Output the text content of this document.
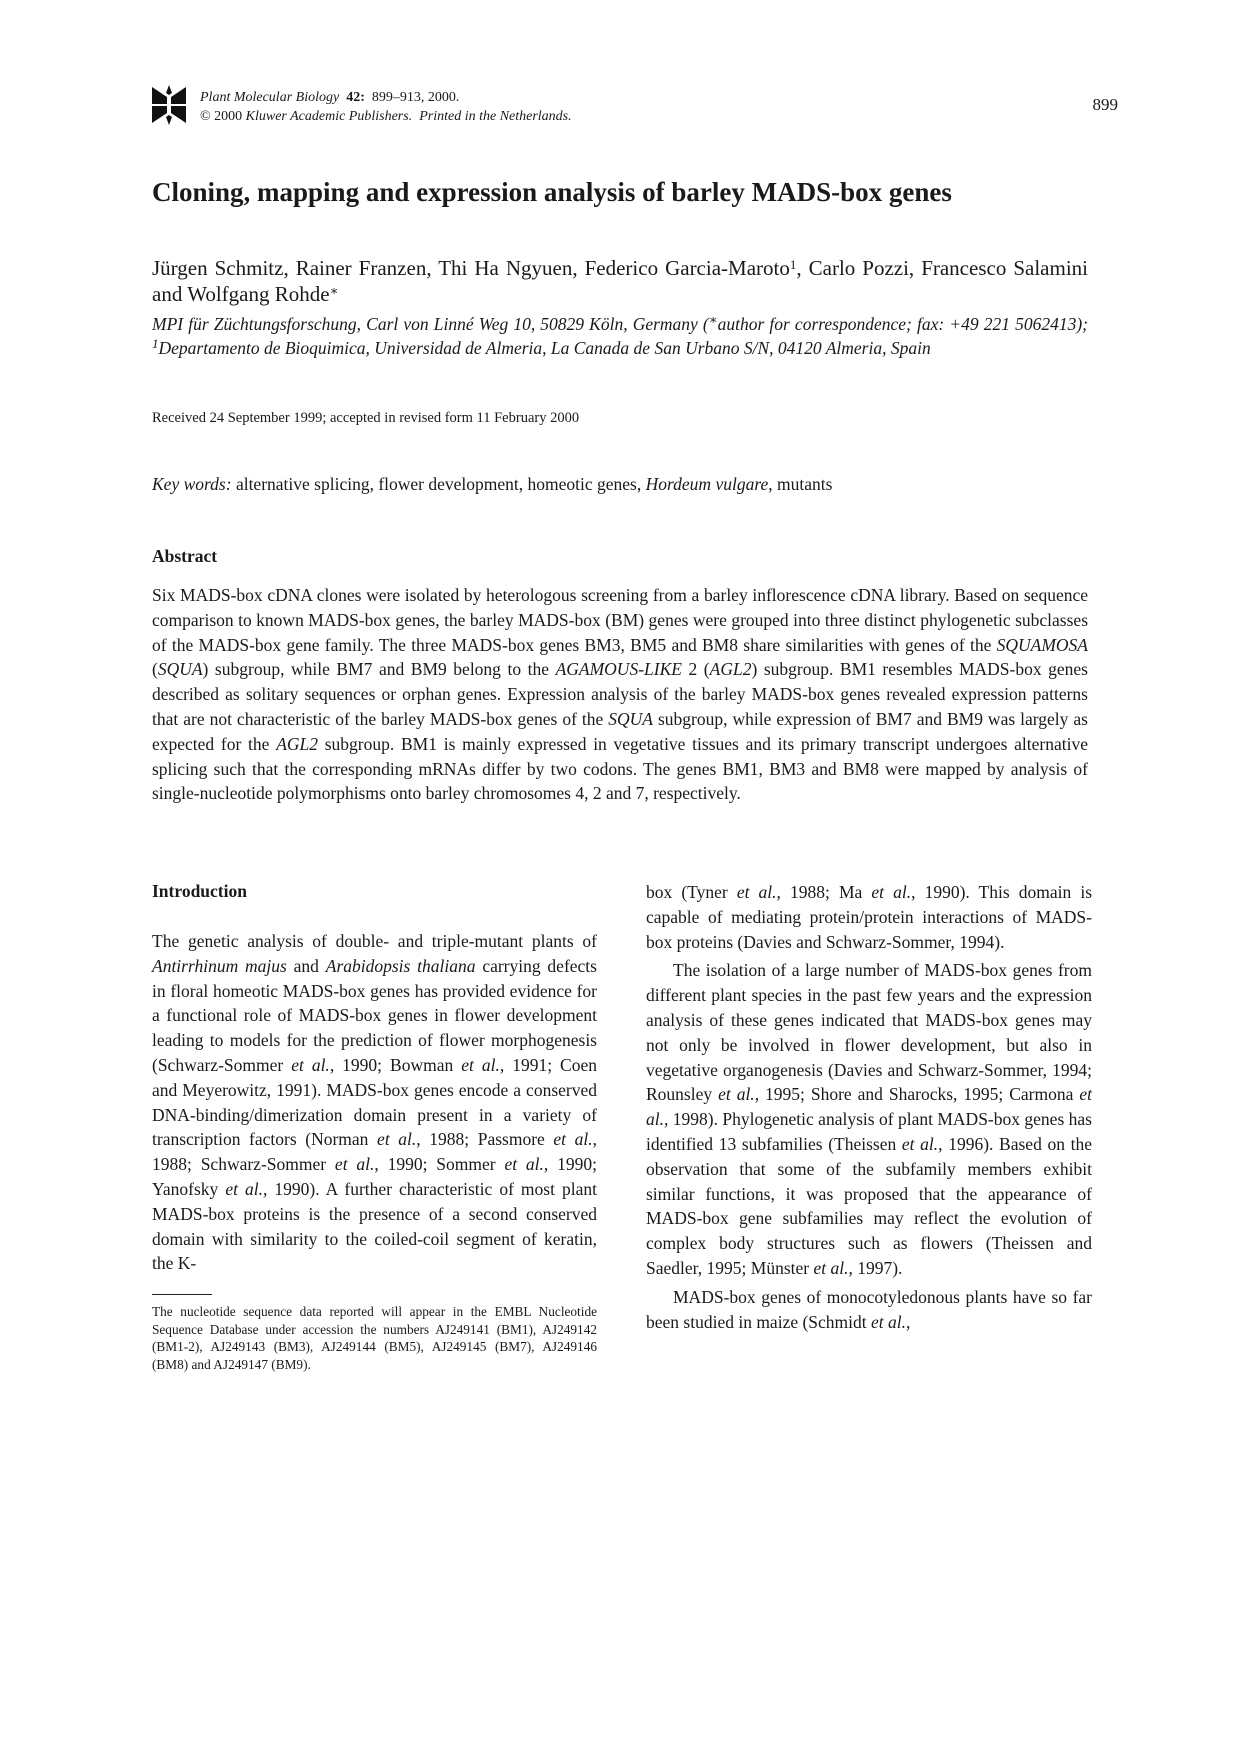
Plant Molecular Biology 42: 899–913, 2000.
© 2000 Kluwer Academic Publishers. Printed in the Netherlands.
899
Cloning, mapping and expression analysis of barley MADS-box genes
Jürgen Schmitz, Rainer Franzen, Thi Ha Ngyuen, Federico Garcia-Maroto$^1$, Carlo Pozzi, Francesco Salamini and Wolfgang Rohde∗
MPI für Züchtungsforschung, Carl von Linné Weg 10, 50829 Köln, Germany (∗author for correspondence; fax: +49 221 5062413); $^1$Departamento de Bioquimica, Universidad de Almeria, La Canada de San Urbano S/N, 04120 Almeria, Spain
Received 24 September 1999; accepted in revised form 11 February 2000
Key words: alternative splicing, flower development, homeotic genes, Hordeum vulgare, mutants
Abstract

Six MADS-box cDNA clones were isolated by heterologous screening from a barley inflorescence cDNA library. Based on sequence comparison to known MADS-box genes, the barley MADS-box (BM) genes were grouped into three distinct phylogenetic subclasses of the MADS-box gene family. The three MADS-box genes BM3, BM5 and BM8 share similarities with genes of the SQUAMOSA (SQUA) subgroup, while BM7 and BM9 belong to the AGAMOUS-LIKE 2 (AGL2) subgroup. BM1 resembles MADS-box genes described as solitary sequences or orphan genes. Expression analysis of the barley MADS-box genes revealed expression patterns that are not characteristic of the barley MADS-box genes of the SQUA subgroup, while expression of BM7 and BM9 was largely as expected for the AGL2 subgroup. BM1 is mainly expressed in vegetative tissues and its primary transcript undergoes alternative splicing such that the corresponding mRNAs differ by two codons. The genes BM1, BM3 and BM8 were mapped by analysis of single-nucleotide polymorphisms onto barley chromosomes 4, 2 and 7, respectively.

Introduction

The genetic analysis of double- and triple-mutant plants of Antirrhinum majus and Arabidopsis thaliana carrying defects in floral homeotic MADS-box genes has provided evidence for a functional role of MADS-box genes in flower development leading to models for the prediction of flower morphogenesis (Schwarz-Sommer et al., 1990; Bowman et al., 1991; Coen and Meyerowitz, 1991). MADS-box genes encode a conserved DNA-binding/dimerization domain present in a variety of transcription factors (Norman et al., 1988; Passmore et al., 1988; Schwarz-Sommer et al., 1990; Sommer et al., 1990; Yanofsky et al., 1990). A further characteristic of most plant MADS-box proteins is the presence of a second conserved domain with similarity to the coiled-coil segment of keratin, the K-

The nucleotide sequence data reported will appear in the EMBL Nucleotide Sequence Database under accession the numbers AJ249141 (BM1), AJ249142 (BM1-2), AJ249143 (BM3), AJ249144 (BM5), AJ249145 (BM7), AJ249146 (BM8) and AJ249147 (BM9).

box (Tyner et al., 1988; Ma et al., 1990). This domain is capable of mediating protein/protein interactions of MADS-box proteins (Davies and Schwarz-Sommer, 1994).

The isolation of a large number of MADS-box genes from different plant species in the past few years and the expression analysis of these genes indicated that MADS-box genes may not only be involved in flower development, but also in vegetative organogenesis (Davies and Schwarz-Sommer, 1994; Rounsley et al., 1995; Shore and Sharocks, 1995; Carmona et al., 1998). Phylogenetic analysis of plant MADS-box genes has identified 13 subfamilies (Theissen et al., 1996). Based on the observation that some of the subfamily members exhibit similar functions, it was proposed that the appearance of MADS-box gene subfamilies may reflect the evolution of complex body structures such as flowers (Theissen and Saedler, 1995; Münster et al., 1997).

MADS-box genes of monocotyledonous plants have so far been studied in maize (Schmidt et al.,
